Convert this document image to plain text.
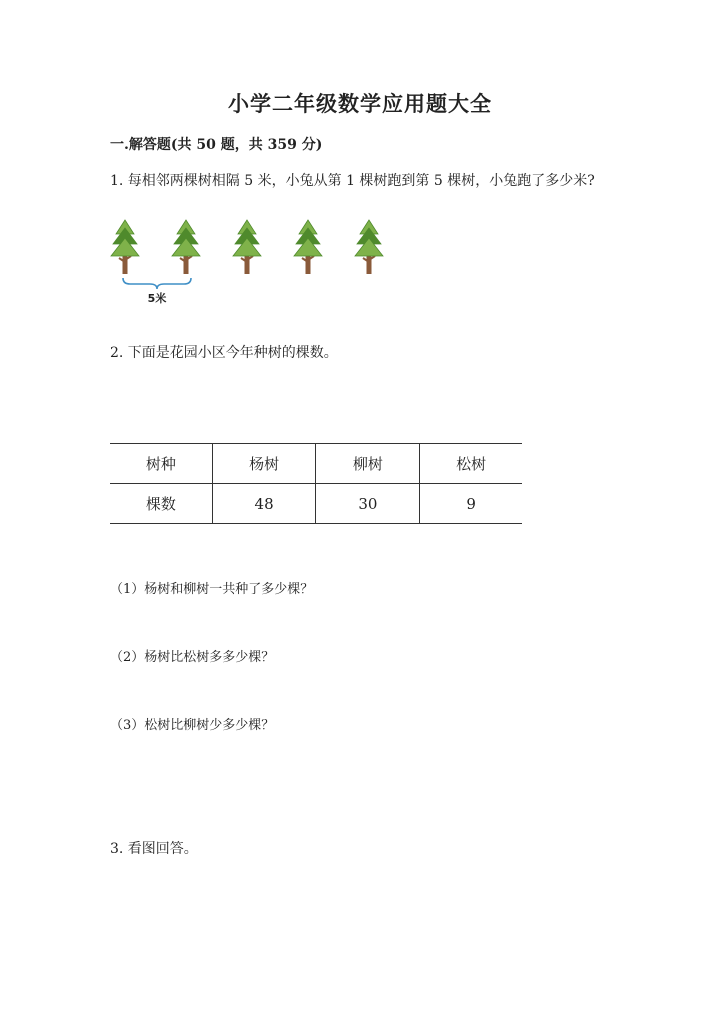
小学二年级数学应用题大全
一.解答题(共 50 题，共 359 分)
1. 每相邻两棵树相隔 5 米，小兔从第 1 棵树跑到第 5 棵树，小兔跑了多少米?
5米
2. 下面是花园小区今年种树的棵数。
树种	杨树	柳树	松树
棵数	48	30	9
（1）杨树和柳树一共种了多少棵？
（2）杨树比松树多多少棵？
（3）松树比柳树少多少棵？
3. 看图回答。
